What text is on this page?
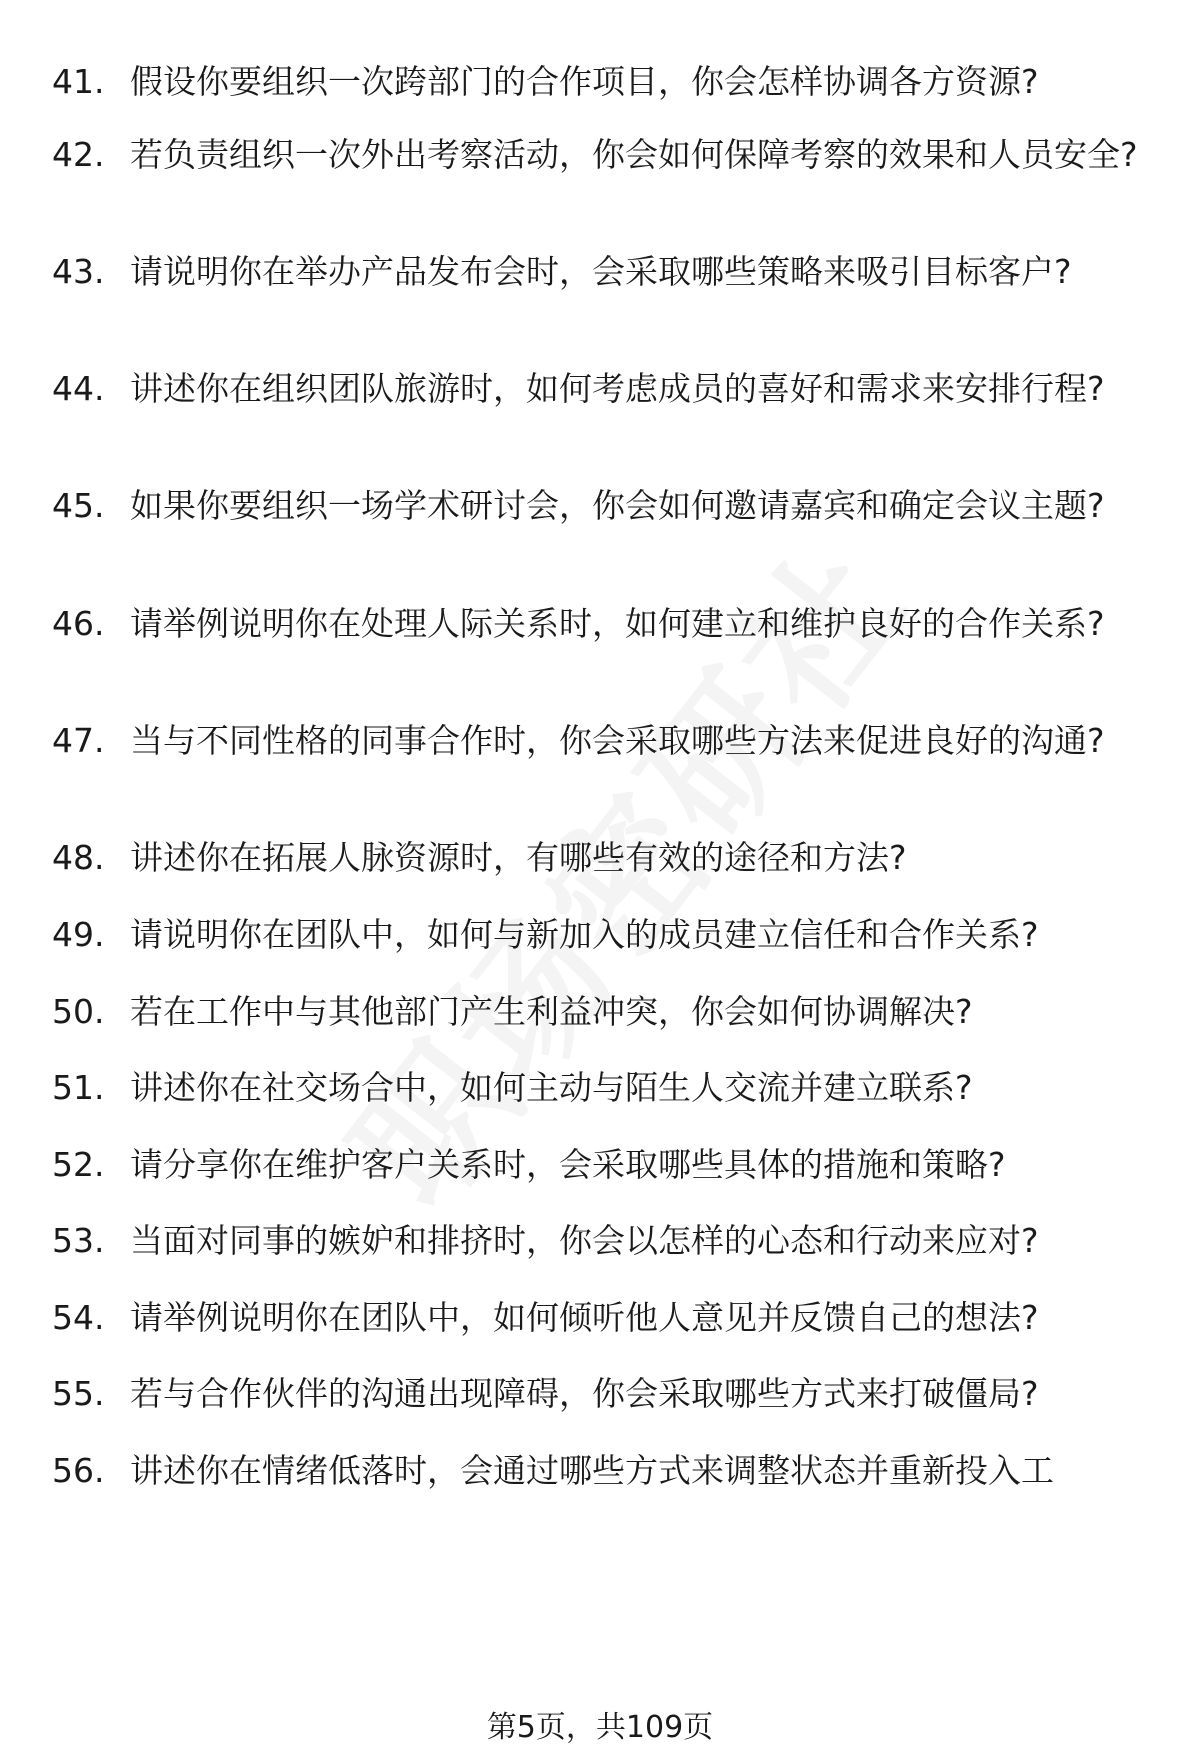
41. 假设你要组织一次跨部门的合作项目，你会怎样协调各方资源?
42. 若负责组织一次外出考察活动，你会如何保障考察的效果和人员安全?
43. 请说明你在举办产品发布会时，会采取哪些策略来吸引目标客户?
44. 讲述你在组织团队旅游时，如何考虑成员的喜好和需求来安排行程?
45. 如果你要组织一场学术研讨会，你会如何邀请嘉宾和确定会议主题?
46. 请举例说明你在处理人际关系时，如何建立和维护良好的合作关系?
47. 当与不同性格的同事合作时，你会采取哪些方法来促进良好的沟通?
48. 讲述你在拓展人脉资源时，有哪些有效的途径和方法?
49. 请说明你在团队中，如何与新加入的成员建立信任和合作关系?
50. 若在工作中与其他部门产生利益冲突，你会如何协调解决?
51. 讲述你在社交场合中，如何主动与陌生人交流并建立联系?
52. 请分享你在维护客户关系时，会采取哪些具体的措施和策略?
53. 当面对同事的嫉妒和排挤时，你会以怎样的心态和行动来应对?
54. 请举例说明你在团队中，如何倾听他人意见并反馈自己的想法?
55. 若与合作伙伴的沟通出现障碍，你会采取哪些方式来打破僵局?
56. 讲述你在情绪低落时，会通过哪些方式来调整状态并重新投入工
第5页，共109页
